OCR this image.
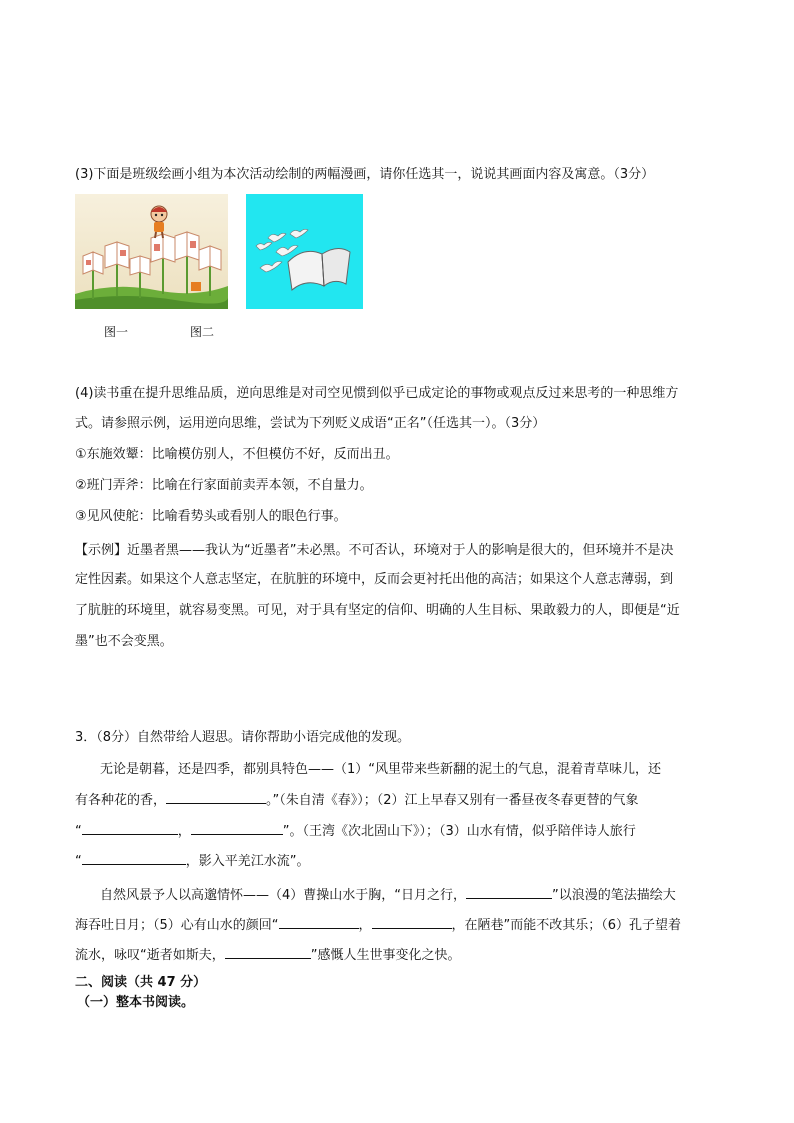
(3)下面是班级绘画小组为本次活动绘制的两幅漫画，请你任选其一，说说其画面内容及寓意。（3分）
图一	图二
(4)读书重在提升思维品质，逆向思维是对司空见惯到似乎已成定论的事物或观点反过来思考的一种思维方
式。请参照示例，运用逆向思维，尝试为下列贬义成语“正名”（任选其一）。（3分）
①东施效颦：比喻模仿别人，不但模仿不好，反而出丑。
②班门弄斧：比喻在行家面前卖弄本领，不自量力。
③见风使舵：比喻看势头或看别人的眼色行事。
【示例】近墨者黑——我认为“近墨者”未必黑。不可否认，环境对于人的影响是很大的，但环境并不是决
定性因素。如果这个人意志坚定，在肮脏的环境中，反而会更衬托出他的高洁；如果这个人意志薄弱，到
了肮脏的环境里，就容易变黑。可见，对于具有坚定的信仰、明确的人生目标、果敢毅力的人，即便是“近
墨”也不会变黑。
3．（8分）自然带给人遐思。请你帮助小语完成他的发现。
无论是朝暮，还是四季，都别具特色——（1）“风里带来些新翻的泥土的气息，混着青草味儿，还
有各种花的香，	。”（朱自清《春》）；（2）江上早春又别有一番昼夜冬春更替的气象
“	，	”。（王湾《次北固山下》）；（3）山水有情，似乎陪伴诗人旅行
“	，影入平羌江水流”。
自然风景予人以高邈情怀——（4）曹操山水于胸，“日月之行，	”以浪漫的笔法描绘大
海吞吐日月；（5）心有山水的颜回“	，	，在陋巷”而能不改其乐；（6）孔子望着
流水，咏叹“逝者如斯夫，	”感慨人生世事变化之快。
二、阅读（共 47 分）
（一）整本书阅读。
